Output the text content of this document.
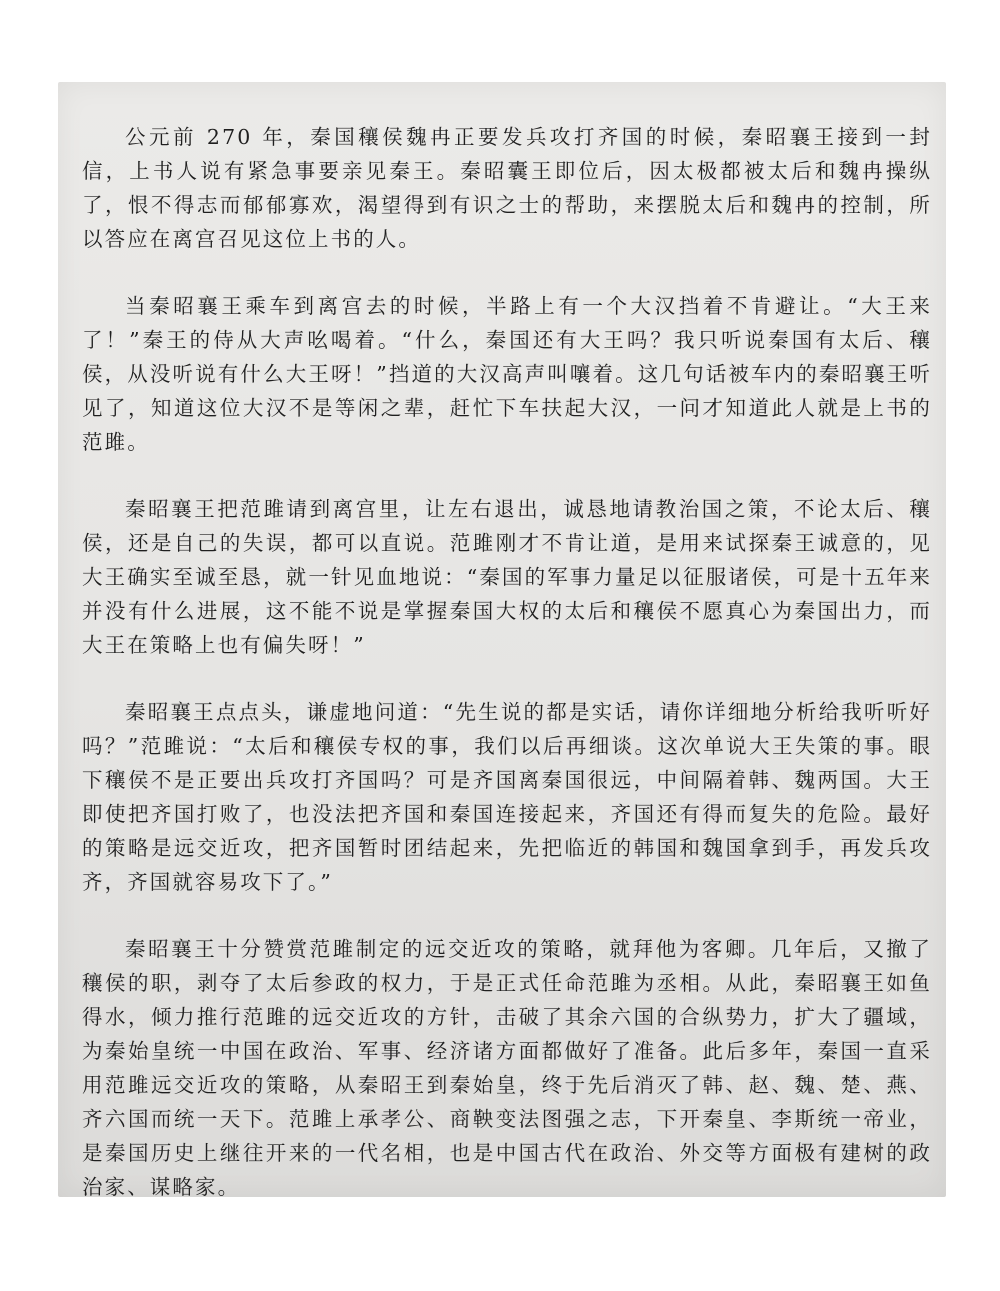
公元前 270 年，秦国穰侯魏冉正要发兵攻打齐国的时候，秦昭襄王接到一封信，上书人说有紧急事要亲见秦王。秦昭囊王即位后，因太极都被太后和魏冉操纵了，恨不得志而郁郁寡欢，渴望得到有识之士的帮助，来摆脱太后和魏冉的控制，所以答应在离宫召见这位上书的人。

当秦昭襄王乘车到离宫去的时候，半路上有一个大汉挡着不肯避让。“大王来了！”秦王的侍从大声吆喝着。“什么，秦国还有大王吗？我只听说秦国有太后、穰侯，从没听说有什么大王呀！”挡道的大汉高声叫嚷着。这几句话被车内的秦昭襄王听见了，知道这位大汉不是等闲之辈，赶忙下车扶起大汉，一问才知道此人就是上书的范雎。

秦昭襄王把范雎请到离宫里，让左右退出，诚恳地请教治国之策，不论太后、穰侯，还是自己的失误，都可以直说。范雎刚才不肯让道，是用来试探秦王诚意的，见大王确实至诚至恳，就一针见血地说：“秦国的军事力量足以征服诸侯，可是十五年来并没有什么进展，这不能不说是掌握秦国大权的太后和穰侯不愿真心为秦国出力，而大王在策略上也有偏失呀！”

秦昭襄王点点头，谦虚地问道：“先生说的都是实话，请你详细地分析给我听听好吗？”范雎说：“太后和穰侯专权的事，我们以后再细谈。这次单说大王失策的事。眼下穰侯不是正要出兵攻打齐国吗？可是齐国离秦国很远，中间隔着韩、魏两国。大王即使把齐国打败了，也没法把齐国和秦国连接起来，齐国还有得而复失的危险。最好的策略是远交近攻，把齐国暂时团结起来，先把临近的韩国和魏国拿到手，再发兵攻齐，齐国就容易攻下了。”

秦昭襄王十分赞赏范雎制定的远交近攻的策略，就拜他为客卿。几年后，又撤了穰侯的职，剥夺了太后参政的权力，于是正式任命范雎为丞相。从此，秦昭襄王如鱼得水，倾力推行范雎的远交近攻的方针，击破了其余六国的合纵势力，扩大了疆域，为秦始皇统一中国在政治、军事、经济诸方面都做好了准备。此后多年，秦国一直采用范雎远交近攻的策略，从秦昭王到秦始皇，终于先后消灭了韩、赵、魏、楚、燕、齐六国而统一天下。范雎上承孝公、商鞅变法图强之志，下开秦皇、李斯统一帝业，是秦国历史上继往开来的一代名相，也是中国古代在政治、外交等方面极有建树的政治家、谋略家。
